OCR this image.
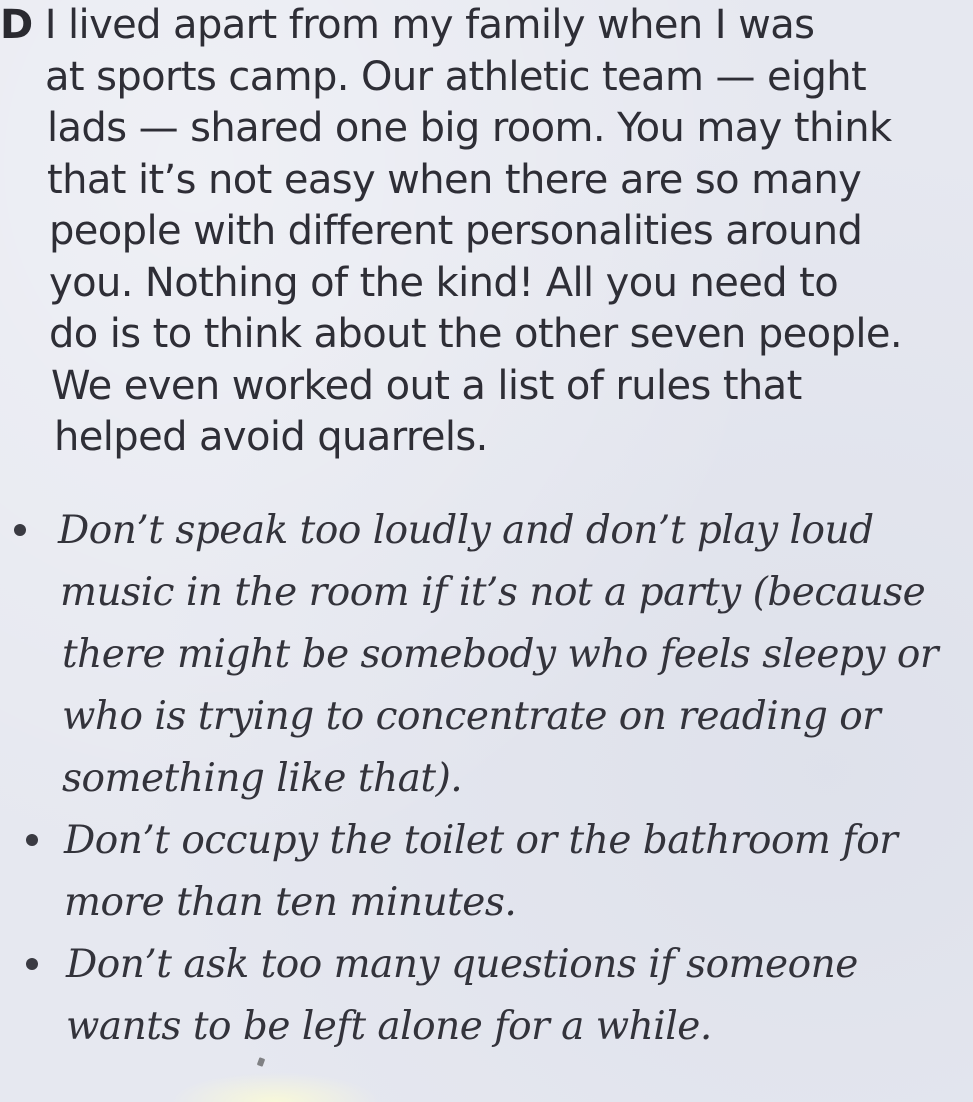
D I lived apart from my family when I was
at sports camp. Our athletic team — eight
lads — shared one big room. You may think
that it’s not easy when there are so many
people with different personalities around
you. Nothing of the kind! All you need to
do is to think about the other seven people.
We even worked out a list of rules that
helped avoid quarrels.
Don’t speak too loudly and don’t play loud
music in the room if it’s not a party (because
there might be somebody who feels sleepy or
who is trying to concentrate on reading or
something like that).
Don’t occupy the toilet or the bathroom for
more than ten minutes.
Don’t ask too many questions if someone
wants to be left alone for a while.
